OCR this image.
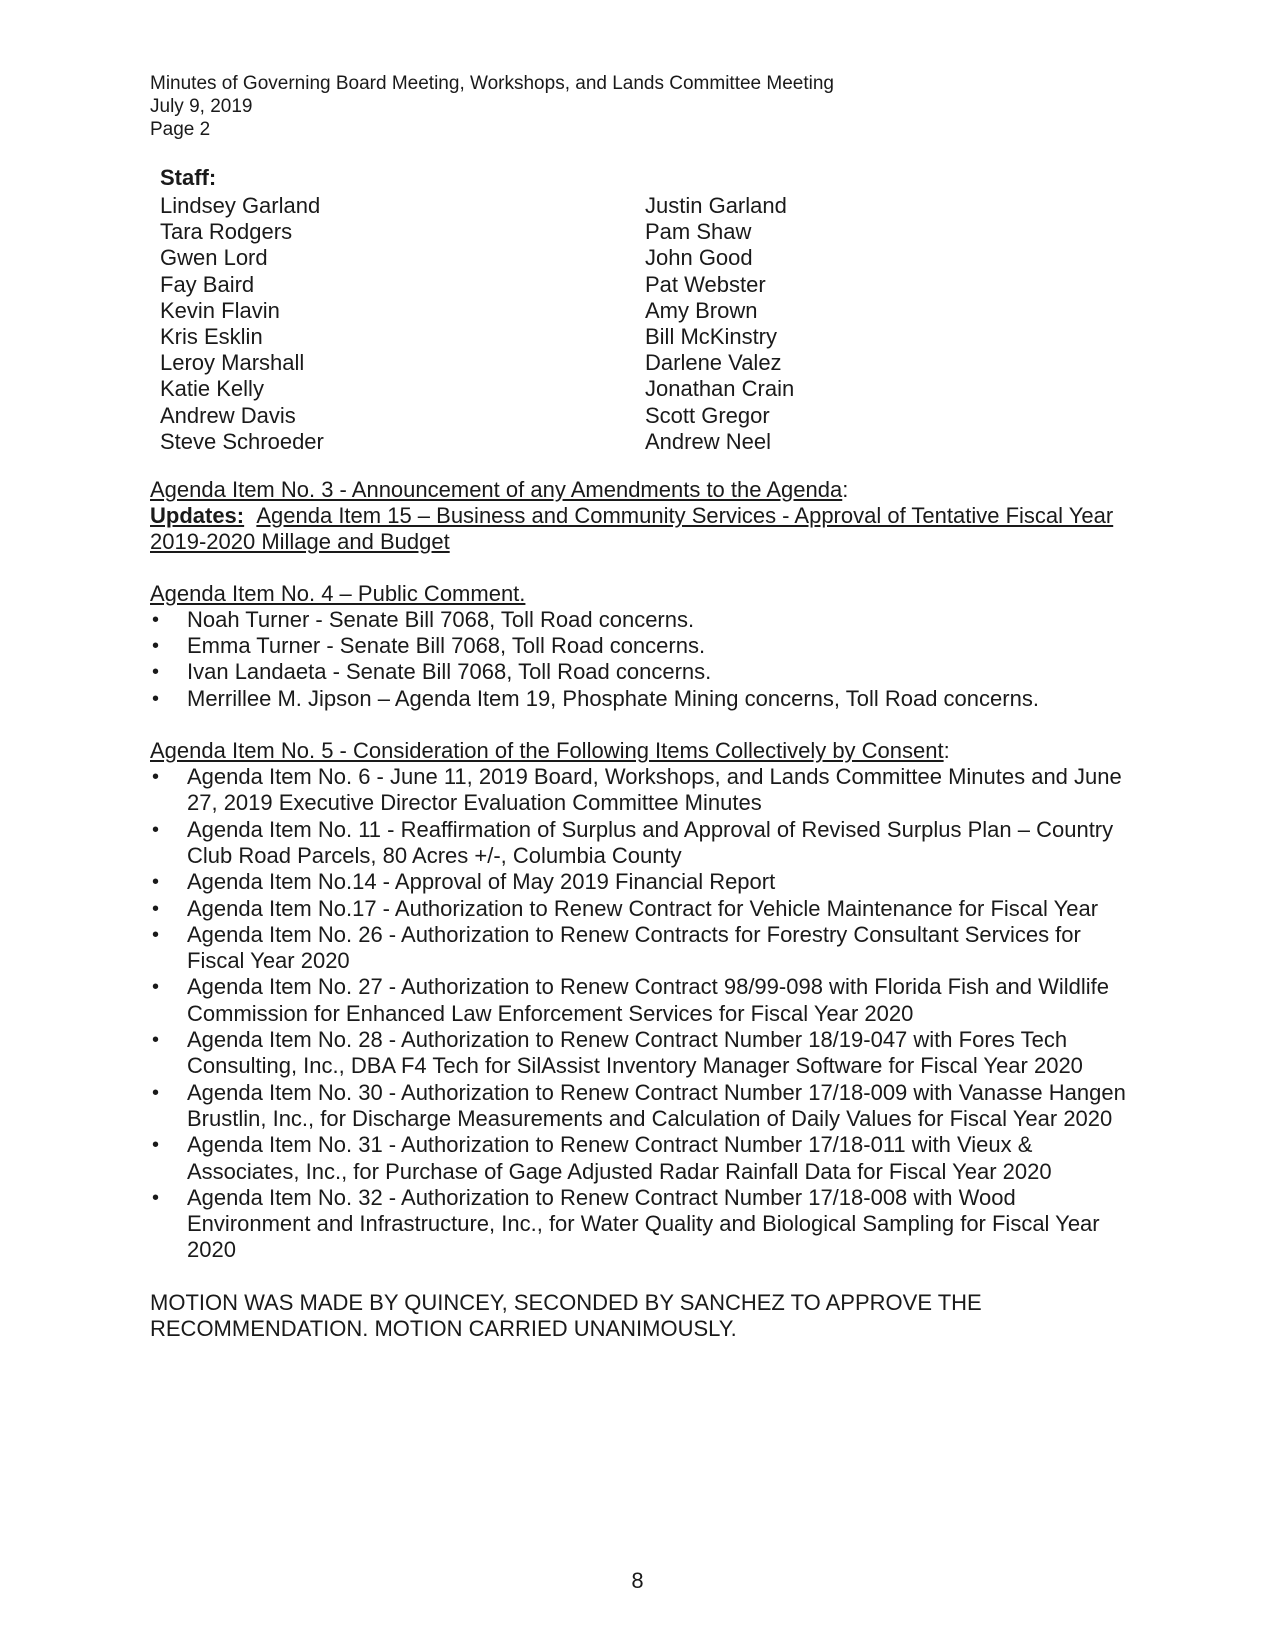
Minutes of Governing Board Meeting, Workshops, and Lands Committee Meeting
July 9, 2019
Page 2
Staff:
Lindsey Garland
Tara Rodgers
Gwen Lord
Fay Baird
Kevin Flavin
Kris Esklin
Leroy Marshall
Katie Kelly
Andrew Davis
Steve Schroeder
Justin Garland
Pam Shaw
John Good
Pat Webster
Amy Brown
Bill McKinstry
Darlene Valez
Jonathan Crain
Scott Gregor
Andrew Neel
Agenda Item No. 3 - Announcement of any Amendments to the Agenda:
Updates: Agenda Item 15 – Business and Community Services - Approval of Tentative Fiscal Year 2019-2020 Millage and Budget
Agenda Item No. 4 – Public Comment.
• Noah Turner - Senate Bill 7068, Toll Road concerns.
• Emma Turner - Senate Bill 7068, Toll Road concerns.
• Ivan Landaeta - Senate Bill 7068, Toll Road concerns.
• Merrillee M. Jipson – Agenda Item 19, Phosphate Mining concerns, Toll Road concerns.
Agenda Item No. 5 - Consideration of the Following Items Collectively by Consent:
• Agenda Item No. 6 - June 11, 2019 Board, Workshops, and Lands Committee Minutes and June 27, 2019 Executive Director Evaluation Committee Minutes
• Agenda Item No. 11 - Reaffirmation of Surplus and Approval of Revised Surplus Plan – Country Club Road Parcels, 80 Acres +/-, Columbia County
• Agenda Item No.14 - Approval of May 2019 Financial Report
• Agenda Item No.17 - Authorization to Renew Contract for Vehicle Maintenance for Fiscal Year
• Agenda Item No. 26 - Authorization to Renew Contracts for Forestry Consultant Services for Fiscal Year 2020
• Agenda Item No. 27 - Authorization to Renew Contract 98/99-098 with Florida Fish and Wildlife Commission for Enhanced Law Enforcement Services for Fiscal Year 2020
• Agenda Item No. 28 - Authorization to Renew Contract Number 18/19-047 with Fores Tech Consulting, Inc., DBA F4 Tech for SilAssist Inventory Manager Software for Fiscal Year 2020
• Agenda Item No. 30 - Authorization to Renew Contract Number 17/18-009 with Vanasse Hangen Brustlin, Inc., for Discharge Measurements and Calculation of Daily Values for Fiscal Year 2020
• Agenda Item No. 31 - Authorization to Renew Contract Number 17/18-011 with Vieux & Associates, Inc., for Purchase of Gage Adjusted Radar Rainfall Data for Fiscal Year 2020
• Agenda Item No. 32 - Authorization to Renew Contract Number 17/18-008 with Wood Environment and Infrastructure, Inc., for Water Quality and Biological Sampling for Fiscal Year 2020
MOTION WAS MADE BY QUINCEY, SECONDED BY SANCHEZ TO APPROVE THE RECOMMENDATION. MOTION CARRIED UNANIMOUSLY.
8
